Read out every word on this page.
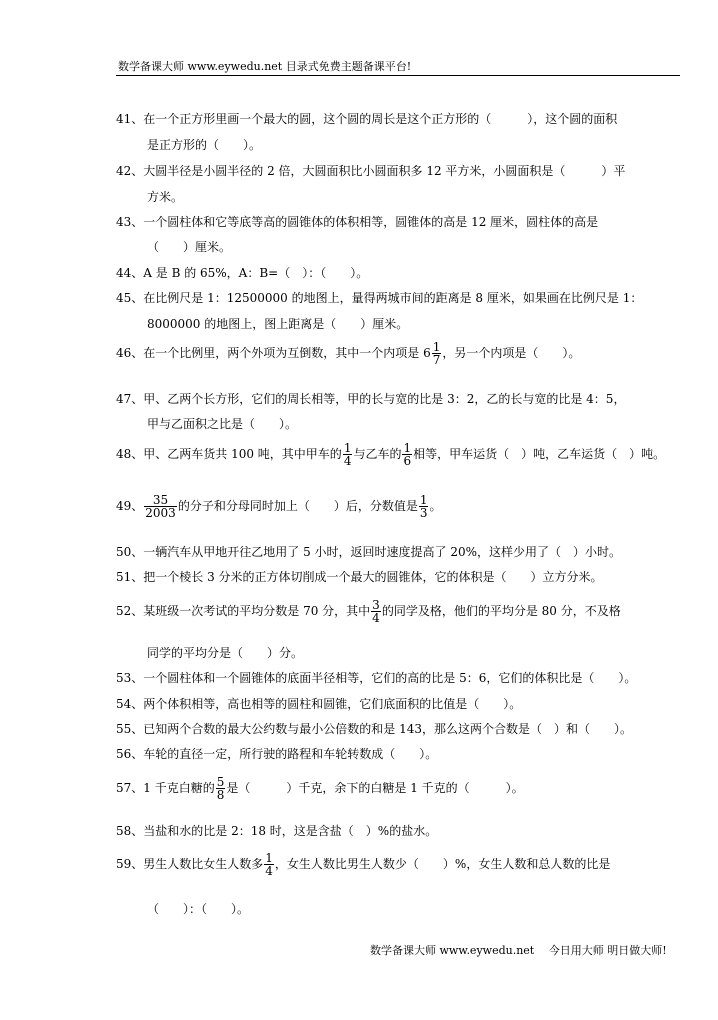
数学备课大师 www.eywedu.net 目录式免费主题备课平台!
41、在一个正方形里画一个最大的圆，这个圆的周长是这个正方形的（　　　），这个圆的面积
是正方形的（　　）。
42、大圆半径是小圆半径的 2 倍，大圆面积比小圆面积多 12 平方米，小圆面积是（　　　）平
方米。
43、一个圆柱体和它等底等高的圆锥体的体积相等，圆锥体的高是 12 厘米，圆柱体的高是
（　　）厘米。
44、A 是 B 的 65%，A：B=（　）：（　　）。
45、在比例尺是 1：12500000 的地图上，量得两城市间的距离是 8 厘米，如果画在比例尺是 1：
8000000 的地图上，图上距离是（　　）厘米。
46、在一个比例里，两个外项为互倒数，其中一个内项是 $6 \frac{1}{7}$ ，另一个内项是（　　）。
47、甲、乙两个长方形，它们的周长相等，甲的长与宽的比是 3：2，乙的长与宽的比是 4：5，
甲与乙面积之比是（　　）。
48、甲、乙两车货共 100 吨，其中甲车的 $\frac{1}{4}$ 与乙车的 $\frac{1}{6}$ 相等，甲车运货（　）吨，乙车运货（　）吨。
49、 $\frac{35}{2003}$ 的分子和分母同时加上（　　）后，分数值是 $\frac{1}{3}$ 。
50、一辆汽车从甲地开往乙地用了 5 小时，返回时速度提高了 20%，这样少用了（　）小时。
51、把一个棱长 3 分米的正方体切削成一个最大的圆锥体，它的体积是（　　）立方分米。
52、某班级一次考试的平均分数是 70 分，其中 $\frac{3}{4}$ 的同学及格，他们的平均分是 80 分，不及格
同学的平均分是（　　）分。
53、一个圆柱体和一个圆锥体的底面半径相等，它们的高的比是 5：6，它们的体积比是（　　）。
54、两个体积相等，高也相等的圆柱和圆锥，它们底面积的比值是（　　）。
55、已知两个合数的最大公约数与最小公倍数的和是 143，那么这两个合数是（　）和（　　）。
56、车轮的直径一定，所行驶的路程和车轮转数成（　　）。
57、1 千克白糖的 $\frac{5}{8}$ 是（　　　）千克，余下的白糖是 1 千克的（　　　）。
58、当盐和水的比是 2：18 时，这是含盐（　）%的盐水。
59、男生人数比女生人数多 $\frac{1}{4}$ ，女生人数比男生人数少（　　）%，女生人数和总人数的比是
（　　）：（　　）。
数学备课大师 www.eywedu.net　 今日用大师 明日做大师!
